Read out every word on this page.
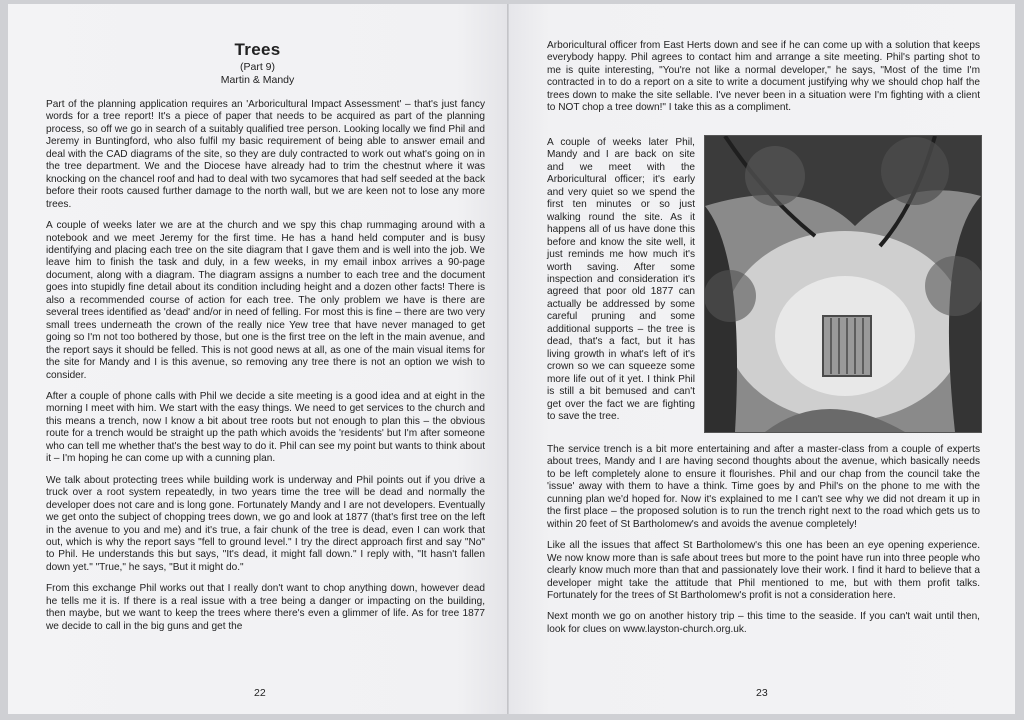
Trees
(Part 9)
Martin & Mandy

Part of the planning application requires an 'Arboricultural Impact Assessment' – that's just fancy words for a tree report! It's a piece of paper that needs to be acquired as part of the planning process, so off we go in search of a suitably qualified tree person. Looking locally we find Phil and Jeremy in Buntingford, who also fulfil my basic requirement of being able to answer email and deal with the CAD diagrams of the site, so they are duly contracted to work out what's going on in the tree department. We and the Diocese have already had to trim the chestnut where it was knocking on the chancel roof and had to deal with two sycamores that had self seeded at the back before their roots caused further damage to the north wall, but we are keen not to lose any more trees.

A couple of weeks later we are at the church and we spy this chap rummaging around with a notebook and we meet Jeremy for the first time. He has a hand held computer and is busy identifying and placing each tree on the site diagram that I gave them and is well into the job. We leave him to finish the task and duly, in a few weeks, in my email inbox arrives a 90-page document, along with a diagram. The diagram assigns a number to each tree and the document goes into stupidly fine detail about its condition including height and a dozen other facts! There is also a recommended course of action for each tree. The only problem we have is there are several trees identified as 'dead' and/or in need of felling. For most this is fine – there are two very small trees underneath the crown of the really nice Yew tree that have never managed to get going so I'm not too bothered by those, but one is the first tree on the left in the main avenue, and the report says it should be felled. This is not good news at all, as one of the main visual items for the site for Mandy and I is this avenue, so removing any tree there is not an option we wish to consider.

After a couple of phone calls with Phil we decide a site meeting is a good idea and at eight in the morning I meet with him. We start with the easy things. We need to get services to the church and this means a trench, now I know a bit about tree roots but not enough to plan this – the obvious route for a trench would be straight up the path which avoids the 'residents' but I'm after someone who can tell me whether that's the best way to do it. Phil can see my point but wants to think about it – I'm hoping he can come up with a cunning plan.

We talk about protecting trees while building work is underway and Phil points out if you drive a truck over a root system repeatedly, in two years time the tree will be dead and normally the developer does not care and is long gone. Fortunately Mandy and I are not developers. Eventually we get onto the subject of chopping trees down, we go and look at 1877 (that's first tree on the left in the avenue to you and me) and it's true, a fair chunk of the tree is dead, even I can work that out, which is why the report says "fell to ground level." I try the direct approach first and say "No" to Phil. He understands this but says, "It's dead, it might fall down." I reply with, "It hasn't fallen down yet." "True," he says, "But it might do."

From this exchange Phil works out that I really don't want to chop anything down, however dead he tells me it is. If there is a real issue with a tree being a danger or impacting on the building, then maybe, but we want to keep the trees where there's even a glimmer of life. As for tree 1877 we decide to call in the big guns and get the

22
Arboricultural officer from East Herts down and see if he can come up with a solution that keeps everybody happy. Phil agrees to contact him and arrange a site meeting. Phil's parting shot to me is quite interesting, "You're not like a normal developer," he says, "Most of the time I'm contracted in to do a report on a site to write a document justifying why we should chop half the trees down to make the site sellable. I've never been in a situation were I'm fighting with a client to NOT chop a tree down!" I take this as a compliment.
A couple of weeks later Phil, Mandy and I are back on site and we meet with the Arboricultural officer; it's early and very quiet so we spend the first ten minutes or so just walking round the site. As it happens all of us have done this before and know the site well, it just reminds me how much it's worth saving. After some inspection and consideration it's agreed that poor old 1877 can actually be addressed by some careful pruning and some additional supports – the tree is dead, that's a fact, but it has living growth in what's left of it's crown so we can squeeze some more life out of it yet. I think Phil is still a bit bemused and can't get over the fact we are fighting to save the tree.

The service trench is a bit more entertaining and after a master-class from a couple of experts about trees, Mandy and I are having second thoughts about the avenue, which basically needs to be left completely alone to ensure it flourishes. Phil and our chap from the council take the 'issue' away with them to have a think. Time goes by and Phil's on the phone to me with the cunning plan we'd hoped for. Now it's explained to me I can't see why we did not dream it up in the first place – the proposed solution is to run the trench right next to the road which gets us to within 20 feet of St Bartholomew's and avoids the avenue completely!

Like all the issues that affect St Bartholomew's this one has been an eye opening experience. We now know more than is safe about trees but more to the point have run into three people who clearly know much more than that and passionately love their work. I find it hard to believe that a developer might take the attitude that Phil mentioned to me, but with them profit talks. Fortunately for the trees of St Bartholomew's profit is not a consideration here.

Next month we go on another history trip – this time to the seaside. If you can't wait until then, look for clues on www.layston-church.org.uk.

23
